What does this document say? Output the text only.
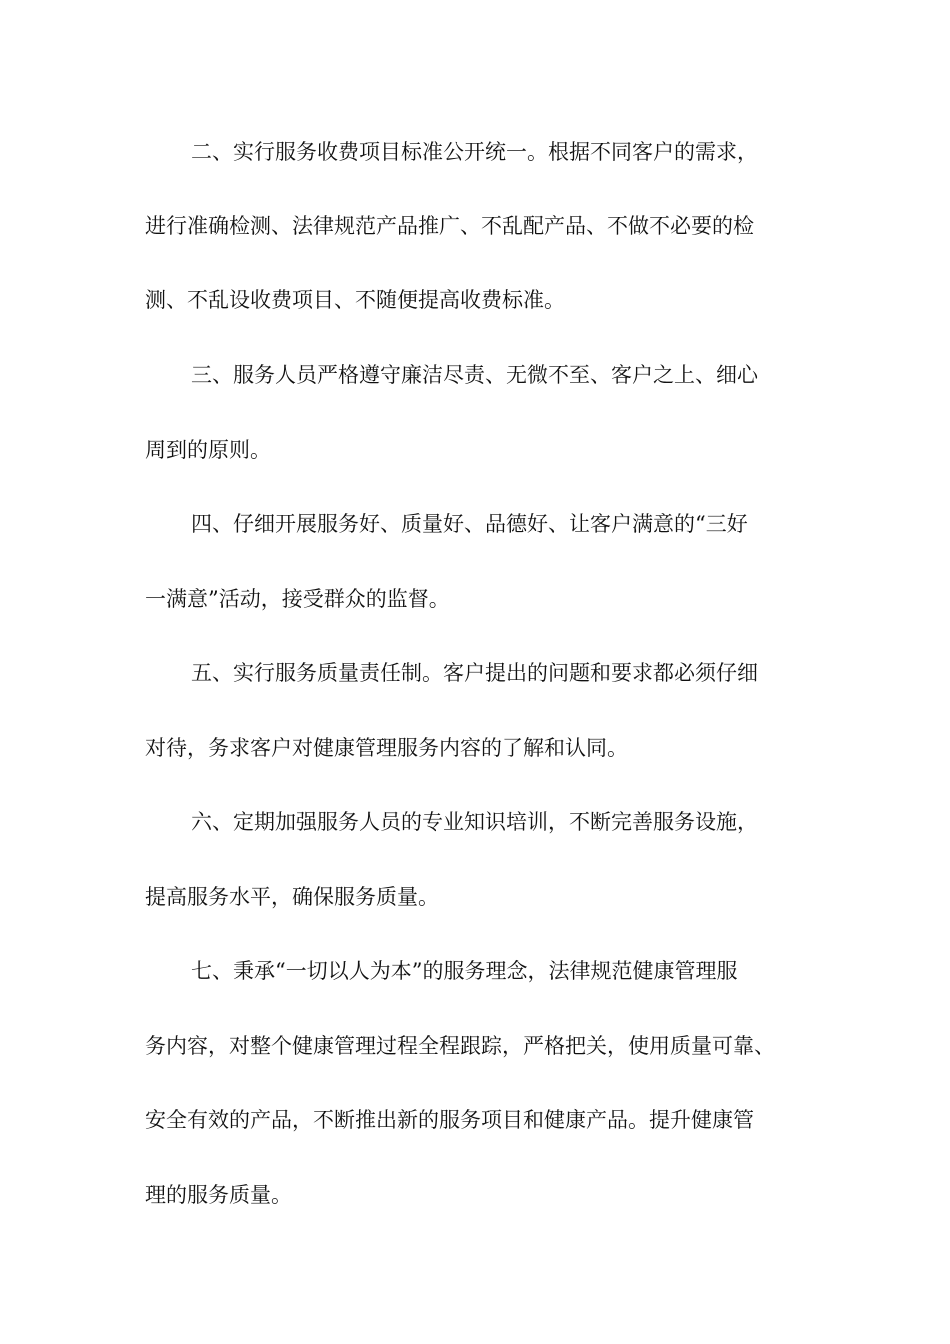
二、实行服务收费项目标准公开统一。根据不同客户的需求，
进行准确检测、法律规范产品推广、不乱配产品、不做不必要的检
测、不乱设收费项目、不随便提高收费标准。
三、服务人员严格遵守廉洁尽责、无微不至、客户之上、细心
周到的原则。
四、仔细开展服务好、质量好、品德好、让客户满意的“三好
一满意”活动，接受群众的监督。
五、实行服务质量责任制。客户提出的问题和要求都必须仔细
对待，务求客户对健康管理服务内容的了解和认同。
六、定期加强服务人员的专业知识培训，不断完善服务设施，
提高服务水平，确保服务质量。
七、秉承“一切以人为本”的服务理念，法律规范健康管理服
务内容，对整个健康管理过程全程跟踪，严格把关，使用质量可靠、
安全有效的产品，不断推出新的服务项目和健康产品。提升健康管
理的服务质量。
